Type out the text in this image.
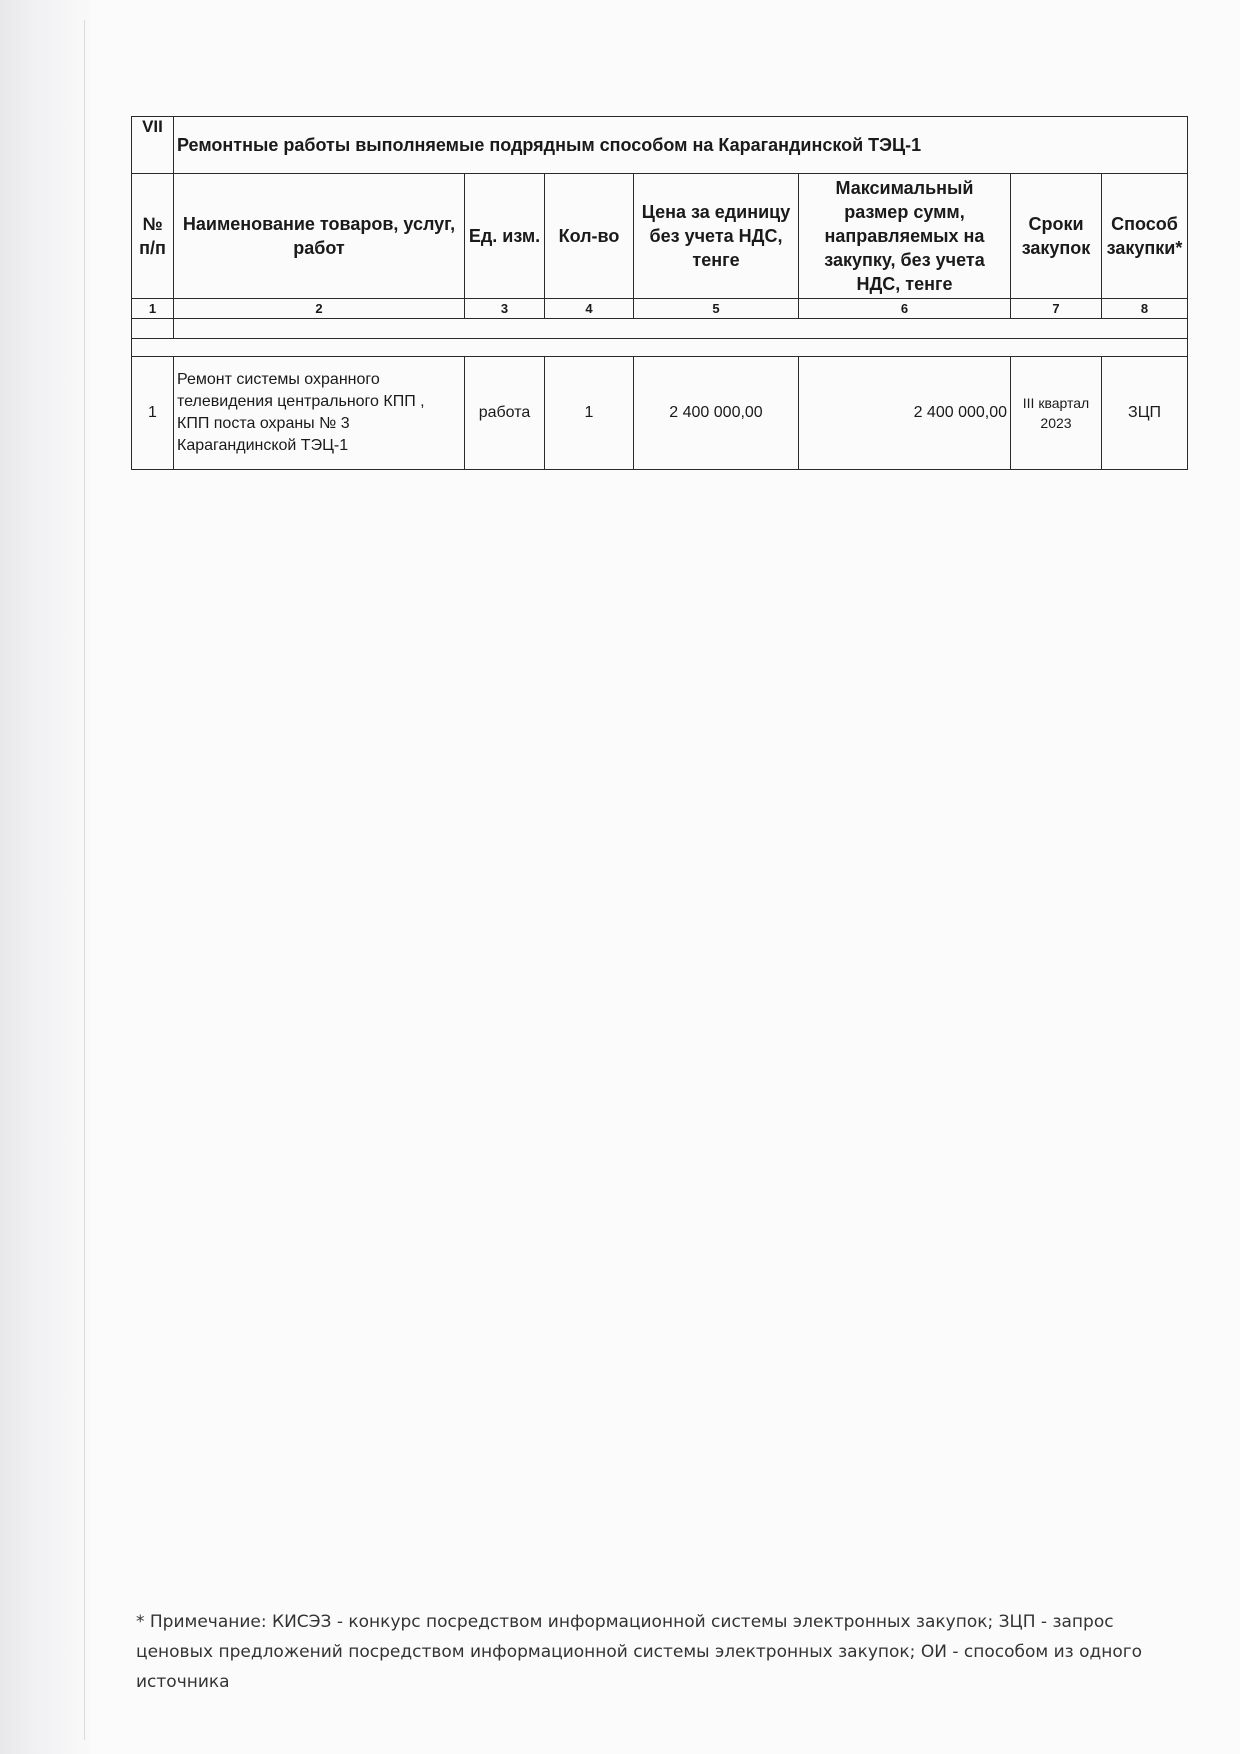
VII	Ремонтные работы выполняемые подрядным способом на Карагандинской ТЭЦ-1						
№ п/п	Наименование товаров, услуг, работ	Ед. изм.	Кол-во	Цена за единицу без учета НДС, тенге	Максимальный размер сумм, направляемых на закупку, без учета НДС, тенге	Сроки закупок	Способ закупки*
1	2	3	4	5	6	7	8

1	Ремонт системы охранного телевидения центрального КПП , КПП поста охраны № 3 Карагандинской ТЭЦ-1	работа	1	2 400 000,00	2 400 000,00	III квартал 2023	ЗЦП
* Примечание: КИСЭЗ - конкурс посредством информационной системы электронных закупок; ЗЦП - запрос ценовых предложений посредством информационной системы электронных закупок; ОИ - способом из одного источника
